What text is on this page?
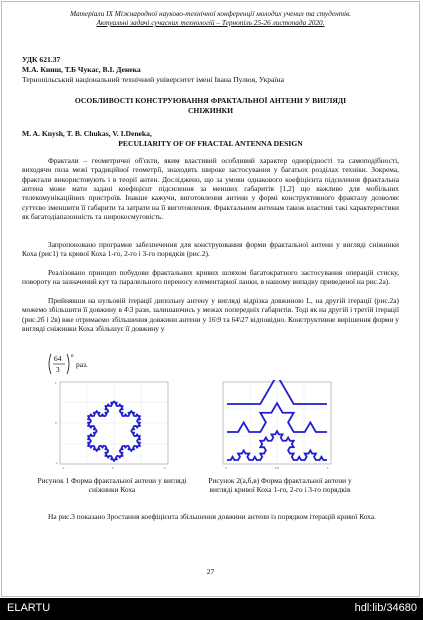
Матеріали IX Міжнародної науково-технічної конференції молодих учених та студентів.
Актуальні задачі сучасних технологій – Тернопіль 25-26 листопада 2020.
УДК 621.37
М.А. Книш, Т.Б Чукас, В.І. Денека
Тернопільський національний технічний університет імені Івана Пулюя, Україна
ОСОБЛИВОСТІ КОНСТРУЮВАННЯ ФРАКТАЛЬНОЇ АНТЕНИ У ВИГЛЯДІ СНІЖИНКИ
M. A. Knysh, T. B. Chukas, V. I.Deneka,
PECULIARITY OF OF FRACTAL ANTENNA DESIGN
Фрактали – геометричні об'єкти, яким властивий особливий характер однорідності та самоподібності, виходячи поза межі традиційної геометрії, знаходять широке застосування у багатьох розділах техніки. Зокрема, фрактали використовують і в теорії антен. Досліджено, що за умови однакового коефіцієнта підсилення фрактальна антена може мати задані коефіцієнт підсилення за менших габаритів [1,2] що важливо для мобільних телекомунікаційних пристроїв. Інакше кажучи, виготовлення антени у формі конструктивного фракталу дозволяє суттєво зменшити її габарити та затрати на її виготовлення. Фрактальним антенам також властиві такі характеристики як багатодіапазонність та широкосмуговість.
Запропоновано програмне забезпечення для конструювання форми фрактальної антени у вигляді сніжинки Коха (рис1) та кривої Коха 1-го, 2-го і 3-го порядків (рис.2).
Реалізовано принцип побудови фрактальних кривих шляхом багатократного застосування операцій стиску, повороту на зазначений кут та паралельного переносу елементарної ланки, в нашому випадку приведеної на рис.2а).
Прийнявши на нульовій ітерації дипольну антену у вигляді відрізка довжиною L, на другій ітерації (рис.2а) можемо збільшити її довжину в 4\3 рази, залишаючись у межах попередніх габаритів. Тоді як на другій і третій ітерації (рис.2б і 2в) вже отримаємо збільшення довжини антени у 16\9 та 64\27 відповідно. Конструктивне вирішення форми у вигляді сніжинки Коха збільшує її довжину у
64
3
n
раз.
1
0
-1
-1	0	1	0	0.5	1
Рисунок 1 Форма фрактальної антени у вигляді сніжинки Коха
Рисунок 2(а,б,в) Форма фрактальної антени у вигляді кривої Коха 1-го, 2-го і 3-го порядків
На рис.3 показано Зростання коефіцієнта збільшення довжини антени із порядком ітерацій кривої Коха.
27
ELARTU	hdl:lib/34680
